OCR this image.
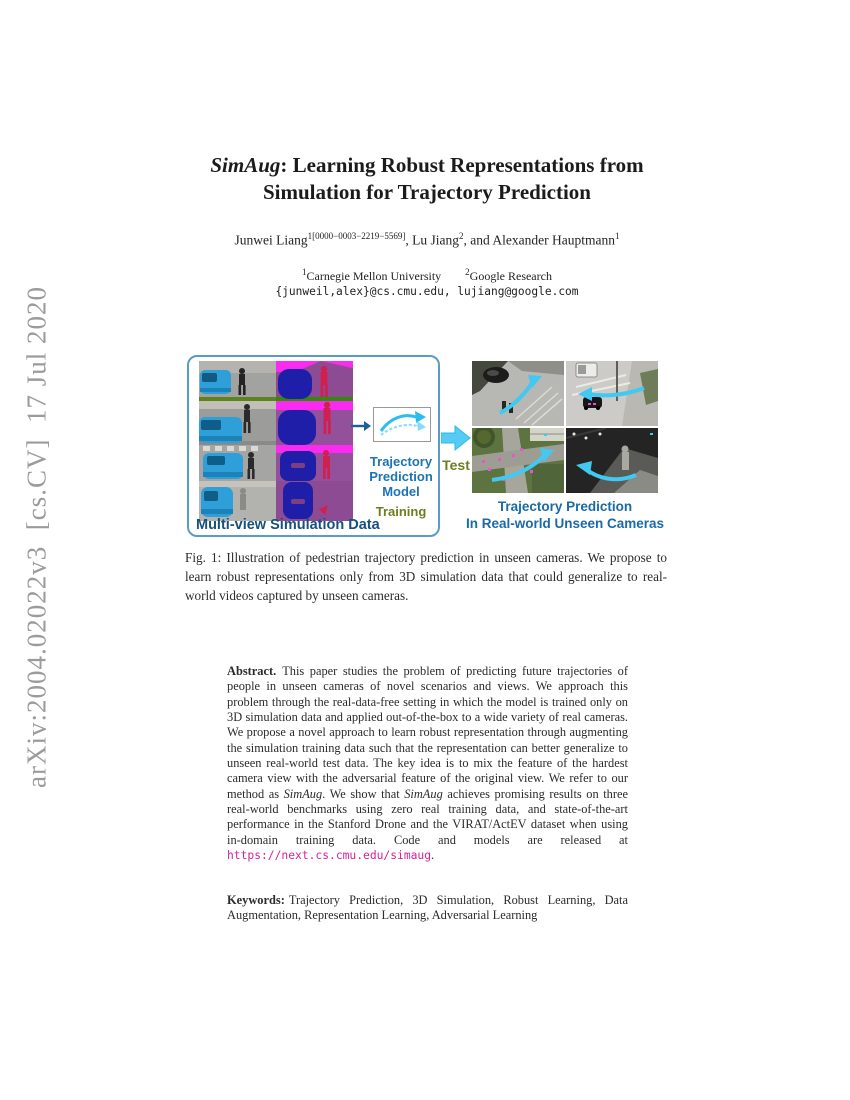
arXiv:2004.02022v3  [cs.CV]  17 Jul 2020
SimAug: Learning Robust Representations from
Simulation for Trajectory Prediction
Junwei Liang$^{1[0000-0003-2219-5569]}$, Lu Jiang$^2$, and Alexander Hauptmann$^1$
$^1$Carnegie Mellon University	$^2$Google Research
{junweil,alex}@cs.cmu.edu, lujiang@google.com
Trajectory
Prediction
Model
Training
Multi-view Simulation Data
Test
Trajectory Prediction
In Real-world Unseen Cameras
Fig. 1: Illustration of pedestrian trajectory prediction in unseen cameras. We propose to learn robust representations only from 3D simulation data that could generalize to real-world videos captured by unseen cameras.
Abstract. This paper studies the problem of predicting future trajectories of people in unseen cameras of novel scenarios and views. We approach this problem through the real-data-free setting in which the model is trained only on 3D simulation data and applied out-of-the-box to a wide variety of real cameras. We propose a novel approach to learn robust representation through augmenting the simulation training data such that the representation can better generalize to unseen real-world test data. The key idea is to mix the feature of the hardest camera view with the adversarial feature of the original view. We refer to our method as SimAug. We show that SimAug achieves promising results on three real-world benchmarks using zero real training data, and state-of-the-art performance in the Stanford Drone and the VIRAT/ActEV dataset when using in-domain training data. Code and models are released at https://next.cs.cmu.edu/simaug.
Keywords: Trajectory Prediction, 3D Simulation, Robust Learning, Data Augmentation, Representation Learning, Adversarial Learning
